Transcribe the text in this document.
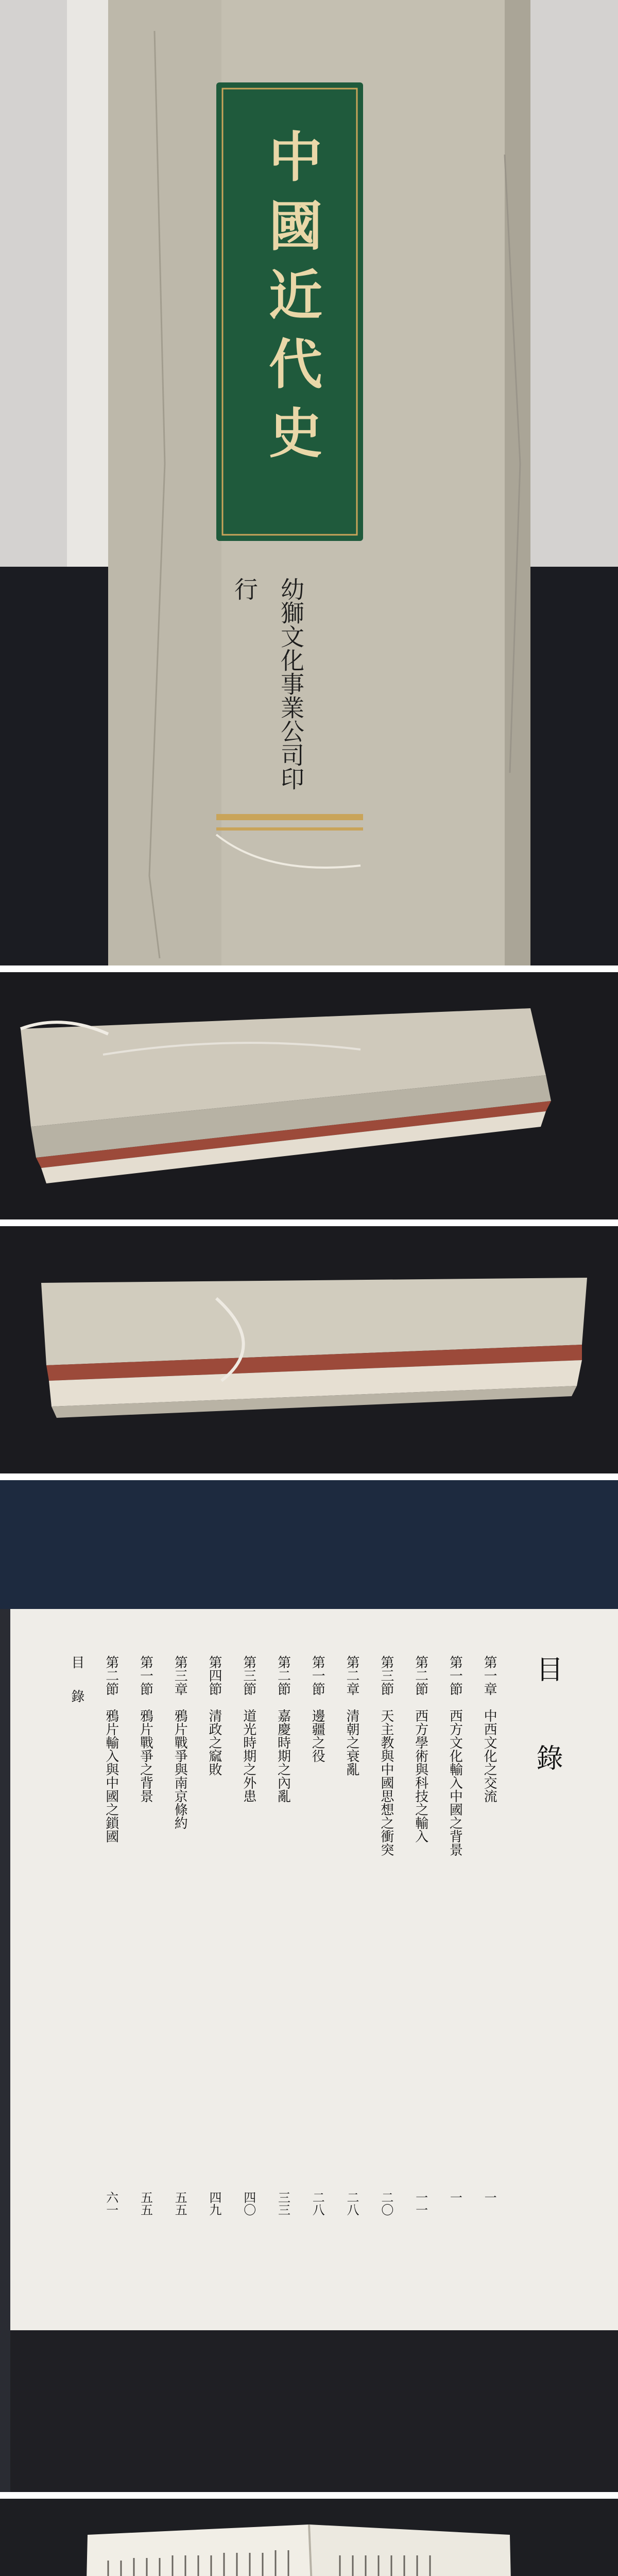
中國近代史
幼獅文化事業公司印行
目錄
第一章　中西文化之交流
一
第一節　西方文化輸入中國之背景
一
第二節　西方學術與科技之輸入
一一
第三節　天主教與中國思想之衝突
二〇
第二章　清朝之衰亂
二八
第一節　邊疆之役
二八
第二節　嘉慶時期之內亂
三三
第三節　道光時期之外患
四〇
第四節　清政之窳敗
四九
第三章　鴉片戰爭與南京條約
五五
第一節　鴉片戰爭之背景
五五
第二節　鴉片輸入與中國之鎖國
六一
目錄
